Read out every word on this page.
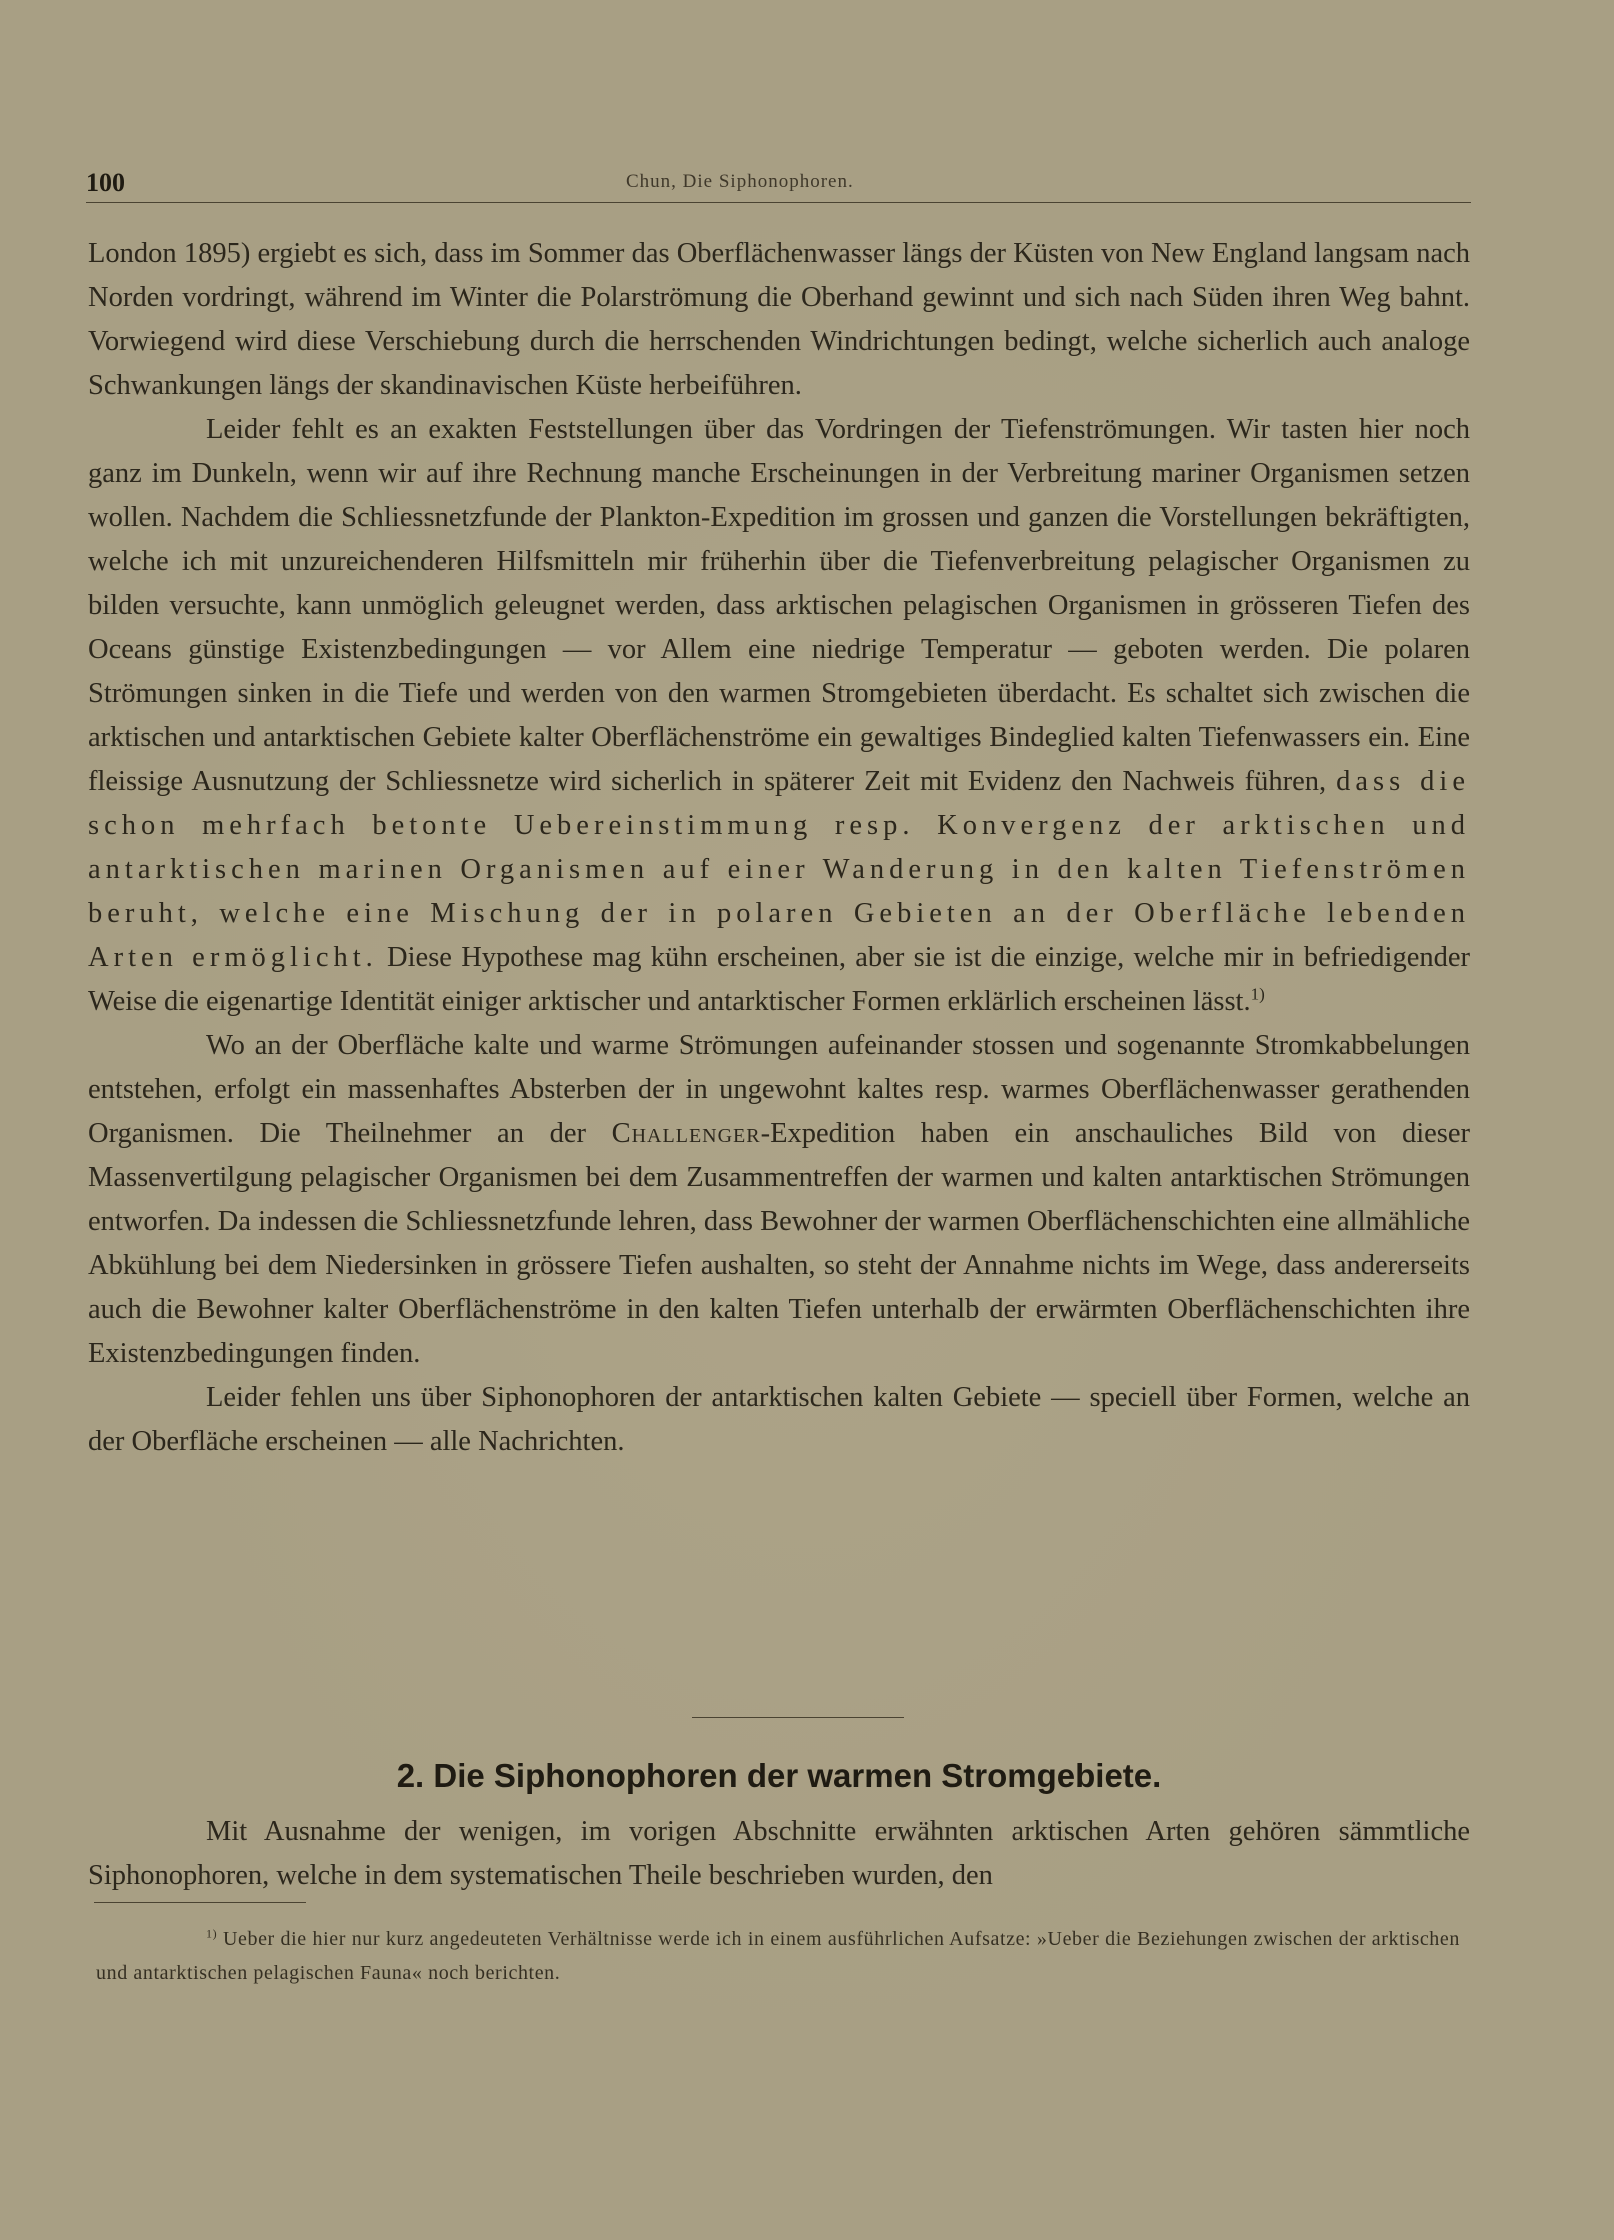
100	Chun, Die Siphonophoren.

London 1895) ergiebt es sich, dass im Sommer das Oberflächenwasser längs der Küsten von New England langsam nach Norden vordringt, während im Winter die Polarströmung die Oberhand gewinnt und sich nach Süden ihren Weg bahnt. Vorwiegend wird diese Verschiebung durch die herrschenden Windrichtungen bedingt, welche sicherlich auch analoge Schwankungen längs der skandinavischen Küste herbeiführen.

Leider fehlt es an exakten Feststellungen über das Vordringen der Tiefenströmungen. Wir tasten hier noch ganz im Dunkeln, wenn wir auf ihre Rechnung manche Erscheinungen in der Verbreitung mariner Organismen setzen wollen. Nachdem die Schliessnetzfunde der Plankton-Expedition im grossen und ganzen die Vorstellungen bekräftigten, welche ich mit unzureichenderen Hilfsmitteln mir früherhin über die Tiefenverbreitung pelagischer Organismen zu bilden versuchte, kann unmöglich geleugnet werden, dass arktischen pelagischen Organismen in grösseren Tiefen des Oceans günstige Existenzbedingungen — vor Allem eine niedrige Temperatur — geboten werden. Die polaren Strömungen sinken in die Tiefe und werden von den warmen Stromgebieten überdacht. Es schaltet sich zwischen die arktischen und antarktischen Gebiete kalter Oberflächenströme ein gewaltiges Bindeglied kalten Tiefenwassers ein. Eine fleissige Ausnutzung der Schliessnetze wird sicherlich in späterer Zeit mit Evidenz den Nachweis führen, dass die schon mehrfach betonte Uebereinstimmung resp. Konvergenz der arktischen und antarktischen marinen Organismen auf einer Wanderung in den kalten Tiefenströmen beruht, welche eine Mischung der in polaren Gebieten an der Oberfläche lebenden Arten ermöglicht. Diese Hypothese mag kühn erscheinen, aber sie ist die einzige, welche mir in befriedigender Weise die eigenartige Identität einiger arktischer und antarktischer Formen erklärlich erscheinen lässt.$^{1)}$

Wo an der Oberfläche kalte und warme Strömungen aufeinander stossen und sogenannte Stromkabbelungen entstehen, erfolgt ein massenhaftes Absterben der in ungewohnt kaltes resp. warmes Oberflächenwasser gerathenden Organismen. Die Theilnehmer an der Challenger-Expedition haben ein anschauliches Bild von dieser Massenvertilgung pelagischer Organismen bei dem Zusammentreffen der warmen und kalten antarktischen Strömungen entworfen. Da indessen die Schliessnetzfunde lehren, dass Bewohner der warmen Oberflächenschichten eine allmähliche Abkühlung bei dem Niedersinken in grössere Tiefen aushalten, so steht der Annahme nichts im Wege, dass andererseits auch die Bewohner kalter Oberflächenströme in den kalten Tiefen unterhalb der erwärmten Oberflächenschichten ihre Existenzbedingungen finden.

Leider fehlen uns über Siphonophoren der antarktischen kalten Gebiete — speciell über Formen, welche an der Oberfläche erscheinen — alle Nachrichten.

2. Die Siphonophoren der warmen Stromgebiete.

Mit Ausnahme der wenigen, im vorigen Abschnitte erwähnten arktischen Arten gehören sämmtliche Siphonophoren, welche in dem systematischen Theile beschrieben wurden, den

$^{1)}$ Ueber die hier nur kurz angedeuteten Verhältnisse werde ich in einem ausführlichen Aufsatze: »Ueber die Beziehungen zwischen der arktischen und antarktischen pelagischen Fauna« noch berichten.
